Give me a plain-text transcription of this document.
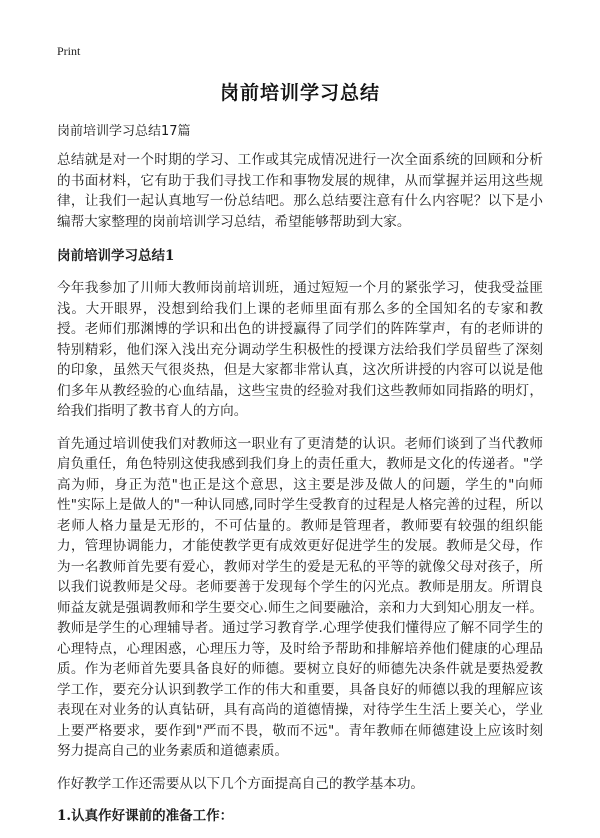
Print
岗前培训学习总结

岗前培训学习总结17篇

总结就是对一个时期的学习、工作或其完成情况进行一次全面系统的回顾和分析的书面材料，它有助于我们寻找工作和事物发展的规律，从而掌握并运用这些规律，让我们一起认真地写一份总结吧。那么总结要注意有什么内容呢？以下是小编帮大家整理的岗前培训学习总结，希望能够帮助到大家。

岗前培训学习总结1

今年我参加了川师大教师岗前培训班，通过短短一个月的紧张学习，使我受益匪浅。大开眼界，没想到给我们上课的老师里面有那么多的全国知名的专家和教授。老师们那渊博的学识和出色的讲授赢得了同学们的阵阵掌声，有的老师讲的特别精彩，他们深入浅出充分调动学生积极性的授课方法给我们学员留些了深刻的印象，虽然天气很炎热，但是大家都非常认真，这次所讲授的内容可以说是他们多年从教经验的心血结晶，这些宝贵的经验对我们这些教师如同指路的明灯，给我们指明了教书育人的方向。

首先通过培训使我们对教师这一职业有了更清楚的认识。老师们谈到了当代教师肩负重任，角色特别这使我感到我们身上的责任重大，教师是文化的传递者。"学高为师，身正为范"也正是这个意思，这主要是涉及做人的问题，学生的"向师性"实际上是做人的"一种认同感,同时学生受教育的过程是人格完善的过程，所以老师人格力量是无形的，不可估量的。教师是管理者，教师要有较强的组织能力，管理协调能力，才能使教学更有成效更好促进学生的发展。教师是父母，作为一名教师首先要有爱心，教师对学生的爱是无私的平等的就像父母对孩子，所以我们说教师是父母。老师要善于发现每个学生的闪光点。教师是朋友。所谓良师益友就是强调教师和学生要交心.师生之间要融洽，亲和力大到知心朋友一样。教师是学生的心理辅导者。通过学习教育学.心理学使我们懂得应了解不同学生的心理特点，心理困惑，心理压力等，及时给予帮助和排解培养他们健康的心理品质。作为老师首先要具备良好的师德。要树立良好的师德先决条件就是要热爱教学工作，要充分认识到教学工作的伟大和重要，具备良好的师德以我的理解应该表现在对业务的认真钻研，具有高尚的道德情操，对待学生生活上要关心，学业上要严格要求，要作到"严而不畏，敬而不远"。青年教师在师德建设上应该时刻努力提高自己的业务素质和道德素质。

作好教学工作还需要从以下几个方面提高自己的教学基本功。

1.认真作好课前的准备工作：
